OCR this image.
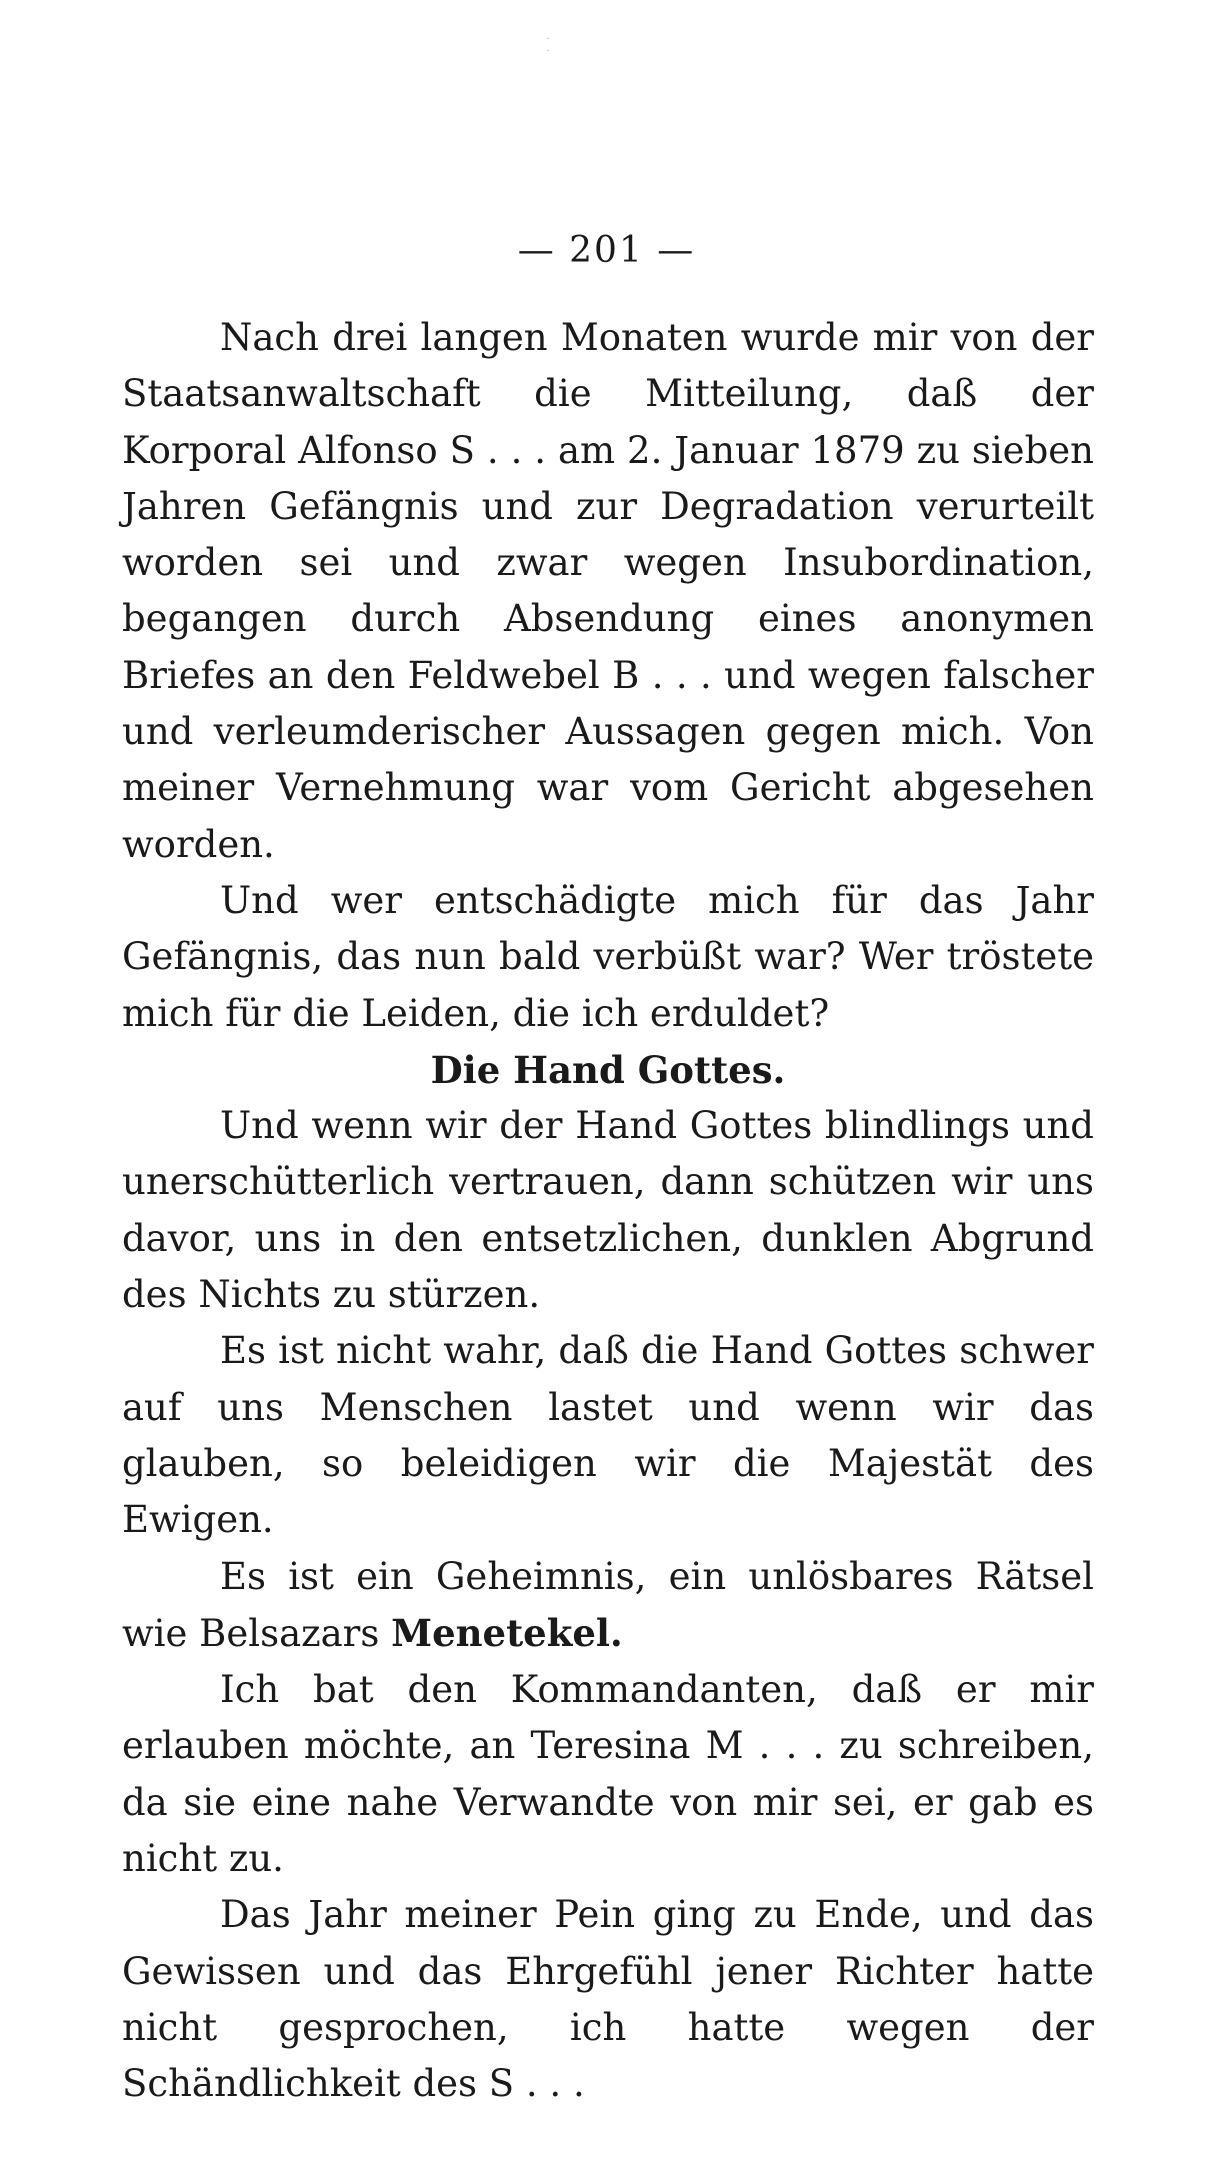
·
·
— 201 —

Nach drei langen Monaten wurde mir von der Staatsanwaltschaft die Mitteilung, daß der Korporal Alfonso S . . . am 2. Januar 1879 zu sieben Jahren Gefängnis und zur Degradation verurteilt worden sei und zwar wegen Insubordination, begangen durch Absendung eines anonymen Briefes an den Feldwebel B . . . und wegen falscher und verleumderischer Aussagen gegen mich. Von meiner Vernehmung war vom Gericht abgesehen worden.

Und wer entschädigte mich für das Jahr Gefängnis, das nun bald verbüßt war? Wer tröstete mich für die Leiden, die ich erduldet?

Die Hand Gottes.

Und wenn wir der Hand Gottes blindlings und unerschütterlich vertrauen, dann schützen wir uns davor, uns in den entsetzlichen, dunklen Abgrund des Nichts zu stürzen.

Es ist nicht wahr, daß die Hand Gottes schwer auf uns Menschen lastet und wenn wir das glauben, so beleidigen wir die Majestät des Ewigen.

Es ist ein Geheimnis, ein unlösbares Rätsel wie Belsazars Menetekel.

Ich bat den Kommandanten, daß er mir erlauben möchte, an Teresina M . . . zu schreiben, da sie eine nahe Verwandte von mir sei, er gab es nicht zu.

Das Jahr meiner Pein ging zu Ende, und das Gewissen und das Ehrgefühl jener Richter hatte nicht gesprochen, ich hatte wegen der Schändlichkeit des S . . .
